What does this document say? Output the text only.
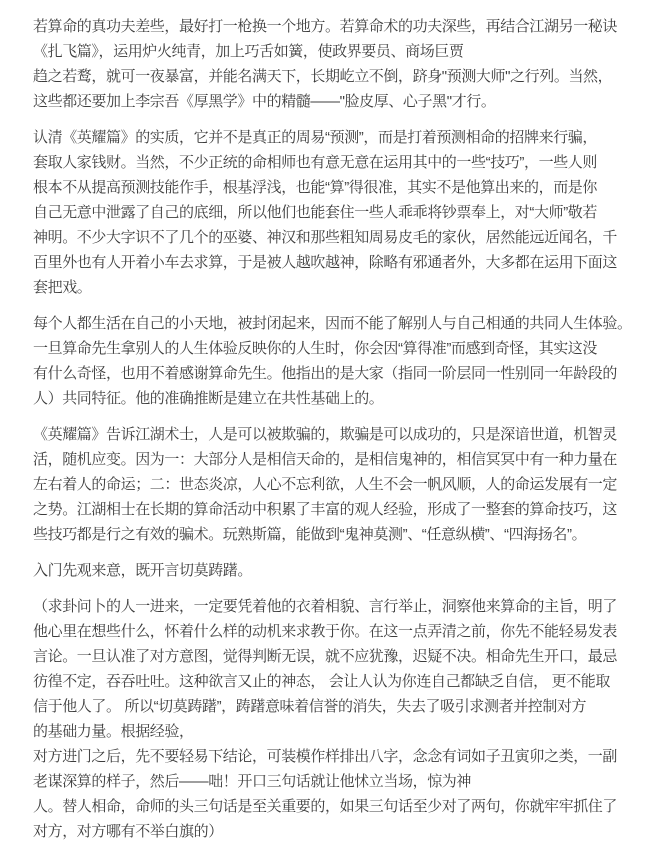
若算命的真功夫差些，最好打一枪换一个地方。若算命术的功夫深些，再结合江湖另一秘诀
《扎飞篇》，运用炉火纯青，加上巧舌如簧，使政界要员、商场巨贾
趋之若鹜，就可一夜暴富，并能名满天下，长期屹立不倒，跻身"预测大师"之行列。当然，
这些都还要加上李宗吾《厚黑学》中的精髓——"脸皮厚、心子黑"才行。
认清《英耀篇》的实质，它并不是真正的周易“预测”，而是打着预测相命的招牌来行骗，
套取人家钱财。当然，不少正统的命相师也有意无意在运用其中的一些“技巧”，一些人则
根本不从提高预测技能作手，根基浮浅，也能“算”得很准，其实不是他算出来的，而是你
自己无意中泄露了自己的底细，所以他们也能套住一些人乖乖将钞票奉上，对“大师”敬若
神明。不少大字识不了几个的巫婆、神汉和那些粗知周易皮毛的家伙，居然能远近闻名，千
百里外也有人开着小车去求算，于是被人越吹越神，除略有邪通者外，大多都在运用下面这
套把戏。
每个人都生活在自己的小天地，被封闭起来，因而不能了解别人与自己相通的共同人生体验。
一旦算命先生拿别人的人生体验反映你的人生时，你会因“算得准”而感到奇怪，其实这没
有什么奇怪，也用不着感谢算命先生。他指出的是大家（指同一阶层同一性别同一年龄段的
人）共同特征。他的准确推断是建立在共性基础上的。
《英耀篇》告诉江湖术士，人是可以被欺骗的，欺骗是可以成功的，只是深谙世道，机智灵
活，随机应变。因为一：大部分人是相信天命的，是相信鬼神的，相信冥冥中有一种力量在
左右着人的命运；二：世态炎凉，人心不忘利欲，人生不会一帆风顺，人的命运发展有一定
之势。江湖相士在长期的算命活动中积累了丰富的观人经验，形成了一整套的算命技巧，这
些技巧都是行之有效的骗术。玩熟斯篇，能做到“鬼神莫测”、“任意纵横”、“四海扬名”。
入门先观来意，既开言切莫踌躇。
（求卦问卜的人一进来，一定要凭着他的衣着相貌、言行举止，洞察他来算命的主旨，明了
他心里在想些什么，怀着什么样的动机来求教于你。在这一点弄清之前，你先不能轻易发表
言论。一旦认准了对方意图，觉得判断无误，就不应犹豫，迟疑不决。相命先生开口，最忌
彷徨不定，吞吞吐吐。这种欲言又止的神态， 会让人认为你连自己都缺乏自信， 更不能取
信于他人了。 所以“切莫踌躇”，踌躇意味着信誉的消失，失去了吸引求测者并控制对方
的基础力量。根据经验，
对方进门之后，先不要轻易下结论，可装模作样排出八字，念念有词如子丑寅卯之类，一副
老谋深算的样子，然后——咄！开口三句话就让他怵立当场，惊为神
人。替人相命，命师的头三句话是至关重要的，如果三句话至少对了两句，你就牢牢抓住了
对方，对方哪有不举白旗的）
